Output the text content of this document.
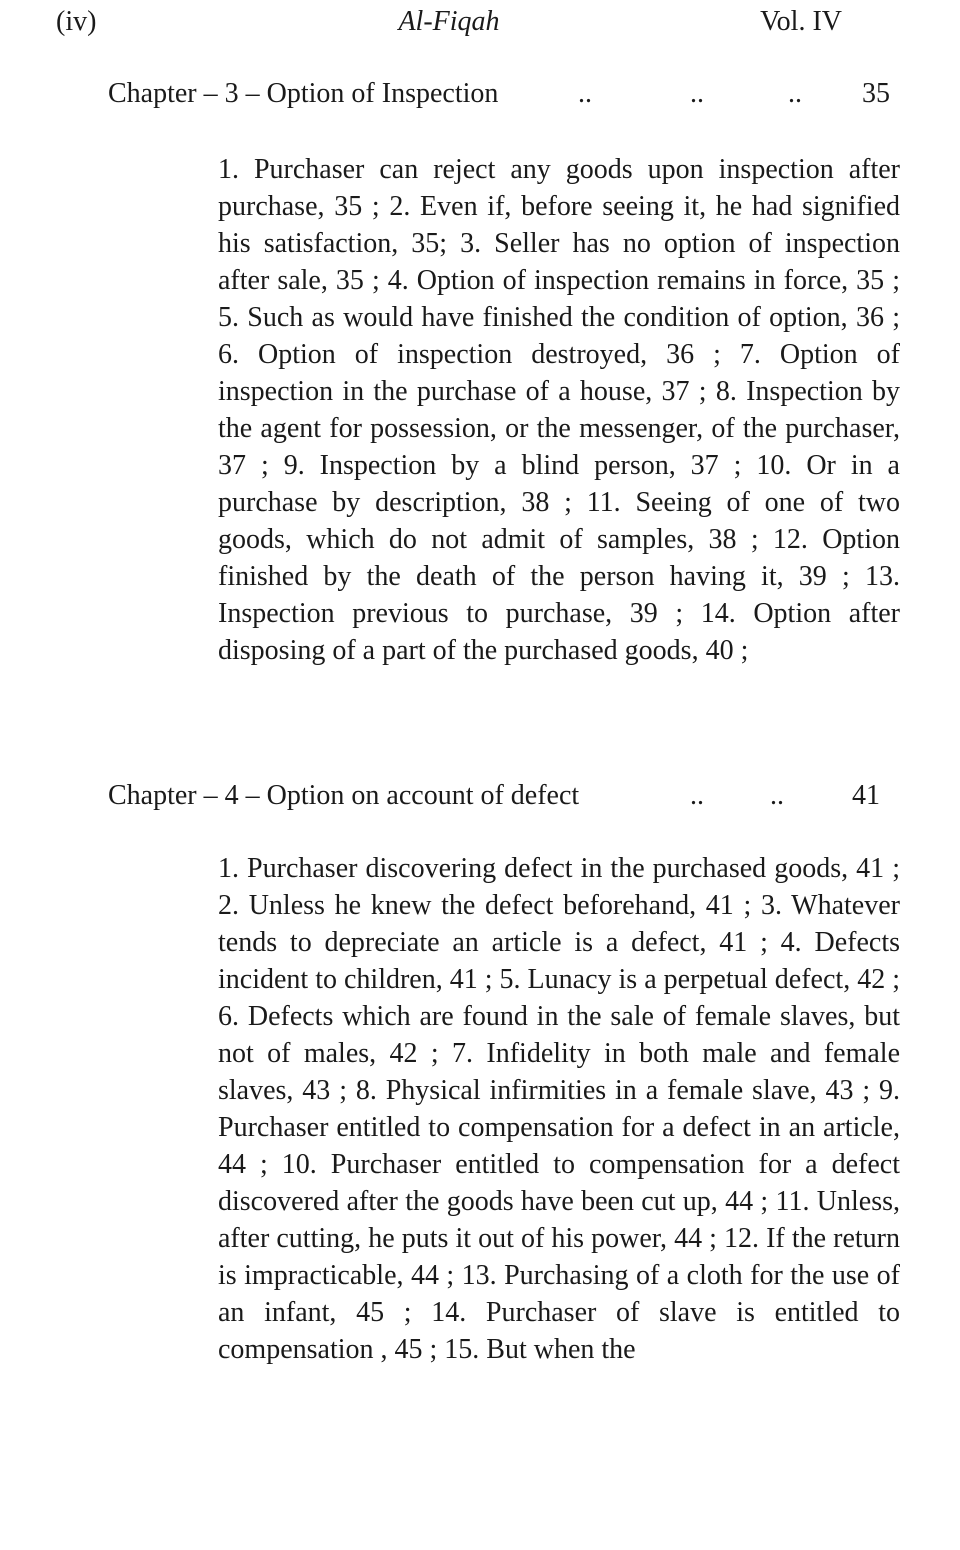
(iv)	Al-Fiqah	Vol. IV
Chapter – 3 – Option of Inspection	..	..	.. 35

1. Purchaser can reject any goods upon inspection after purchase, 35 ; 2. Even if, before seeing it, he had signified his satisfaction, 35; 3. Seller has no option of inspection after sale, 35 ; 4. Option of inspection remains in force, 35 ; 5. Such as would have finished the condition of option, 36 ; 6. Option of inspection destroyed, 36 ; 7. Option of inspection in the purchase of a house, 37 ; 8. Inspection by the agent for possession, or the messenger, of the purchaser, 37 ; 9. Inspection by a blind person, 37 ; 10. Or in a purchase by description, 38 ; 11. Seeing of one of two goods, which do not admit of samples, 38 ; 12. Option finished by the death of the person having it, 39 ; 13. Inspection previous to purchase, 39 ; 14. Option after disposing of a part of the purchased goods, 40 ;

Chapter – 4 – Option on account of defect	.. .. 41

1. Purchaser discovering defect in the purchased goods, 41 ; 2. Unless he knew the defect beforehand, 41 ; 3. Whatever tends to depreciate an article is a defect, 41 ; 4. Defects incident to children, 41 ; 5. Lunacy is a perpetual defect, 42 ; 6. Defects which are found in the sale of female slaves, but not of males, 42 ; 7. Infidelity in both male and female slaves, 43 ; 8. Physical infirmities in a female slave, 43 ; 9. Purchaser entitled to compensation for a defect in an article, 44 ; 10. Purchaser entitled to compensation for a defect discovered after the goods have been cut up, 44 ; 11. Unless, after cutting, he puts it out of his power, 44 ; 12. If the return is impracticable, 44 ; 13. Purchasing of a cloth for the use of an infant, 45 ; 14. Purchaser of slave is entitled to compensation , 45 ; 15. But when the
